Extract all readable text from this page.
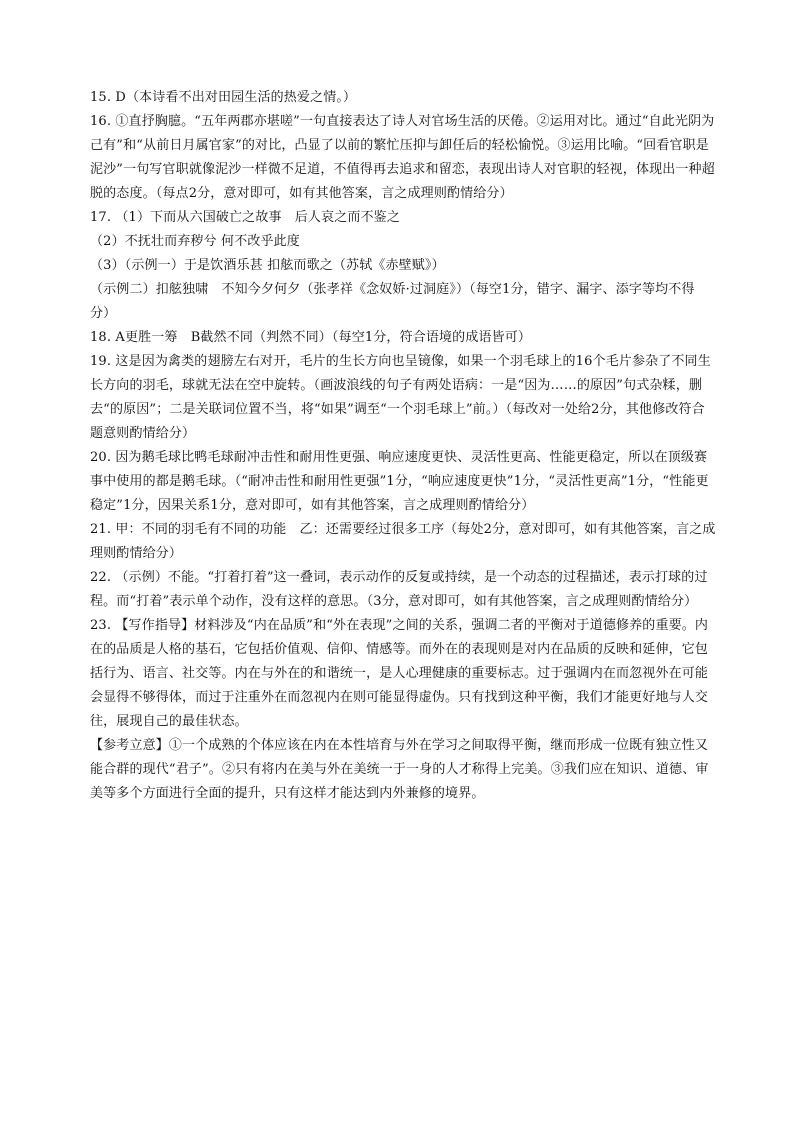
15. D（本诗看不出对田园生活的热爱之情。）
16. ①直抒胸臆。“五年两郡亦堪嗟”一句直接表达了诗人对官场生活的厌倦。②运用对比。通过“自此光阴为
己有”和“从前日月属官家”的对比，凸显了以前的繁忙压抑与卸任后的轻松愉悦。③运用比喻。“回看官职是
泥沙”一句写官职就像泥沙一样微不足道，不值得再去追求和留恋，表现出诗人对官职的轻视，体现出一种超
脱的态度。（每点2分，意对即可，如有其他答案，言之成理则酌情给分）
17. （1）下而从六国破亡之故事　后人哀之而不鉴之
（2）不抚壮而弃秽兮 何不改乎此度
（3）（示例一）于是饮酒乐甚 扣舷而歌之（苏轼《赤壁赋》）
（示例二）扣舷独啸　不知今夕何夕（张孝祥《念奴娇·过洞庭》）（每空1分，错字、漏字、添字等均不得
分）
18. A更胜一筹　B截然不同（判然不同）（每空1分，符合语境的成语皆可）
19. 这是因为禽类的翅膀左右对开，毛片的生长方向也呈镜像，如果一个羽毛球上的16个毛片参杂了不同生
长方向的羽毛，球就无法在空中旋转。（画波浪线的句子有两处语病：一是“因为……的原因”句式杂糅，删
去“的原因”；二是关联词位置不当，将“如果”调至“一个羽毛球上”前。）（每改对一处给2分，其他修改符合
题意则酌情给分）
20. 因为鹅毛球比鸭毛球耐冲击性和耐用性更强、响应速度更快、灵活性更高、性能更稳定，所以在顶级赛
事中使用的都是鹅毛球。（“耐冲击性和耐用性更强”1分，“响应速度更快”1分，“灵活性更高”1分，“性能更
稳定”1分，因果关系1分，意对即可，如有其他答案，言之成理则酌情给分）
21. 甲：不同的羽毛有不同的功能　乙：还需要经过很多工序（每处2分，意对即可，如有其他答案，言之成
理则酌情给分）
22. （示例）不能。“打着打着”这一叠词，表示动作的反复或持续，是一个动态的过程描述，表示打球的过
程。而“打着”表示单个动作，没有这样的意思。（3分，意对即可，如有其他答案，言之成理则酌情给分）
23. 【写作指导】材料涉及“内在品质”和“外在表现”之间的关系，强调二者的平衡对于道德修养的重要。内
在的品质是人格的基石，它包括价值观、信仰、情感等。而外在的表现则是对内在品质的反映和延伸，它包
括行为、语言、社交等。内在与外在的和谐统一，是人心理健康的重要标志。过于强调内在而忽视外在可能
会显得不够得体，而过于注重外在而忽视内在则可能显得虚伪。只有找到这种平衡，我们才能更好地与人交
往，展现自己的最佳状态。
【参考立意】①一个成熟的个体应该在内在本性培育与外在学习之间取得平衡，继而形成一位既有独立性又
能合群的现代“君子”。②只有将内在美与外在美统一于一身的人才称得上完美。③我们应在知识、道德、审
美等多个方面进行全面的提升，只有这样才能达到内外兼修的境界。
